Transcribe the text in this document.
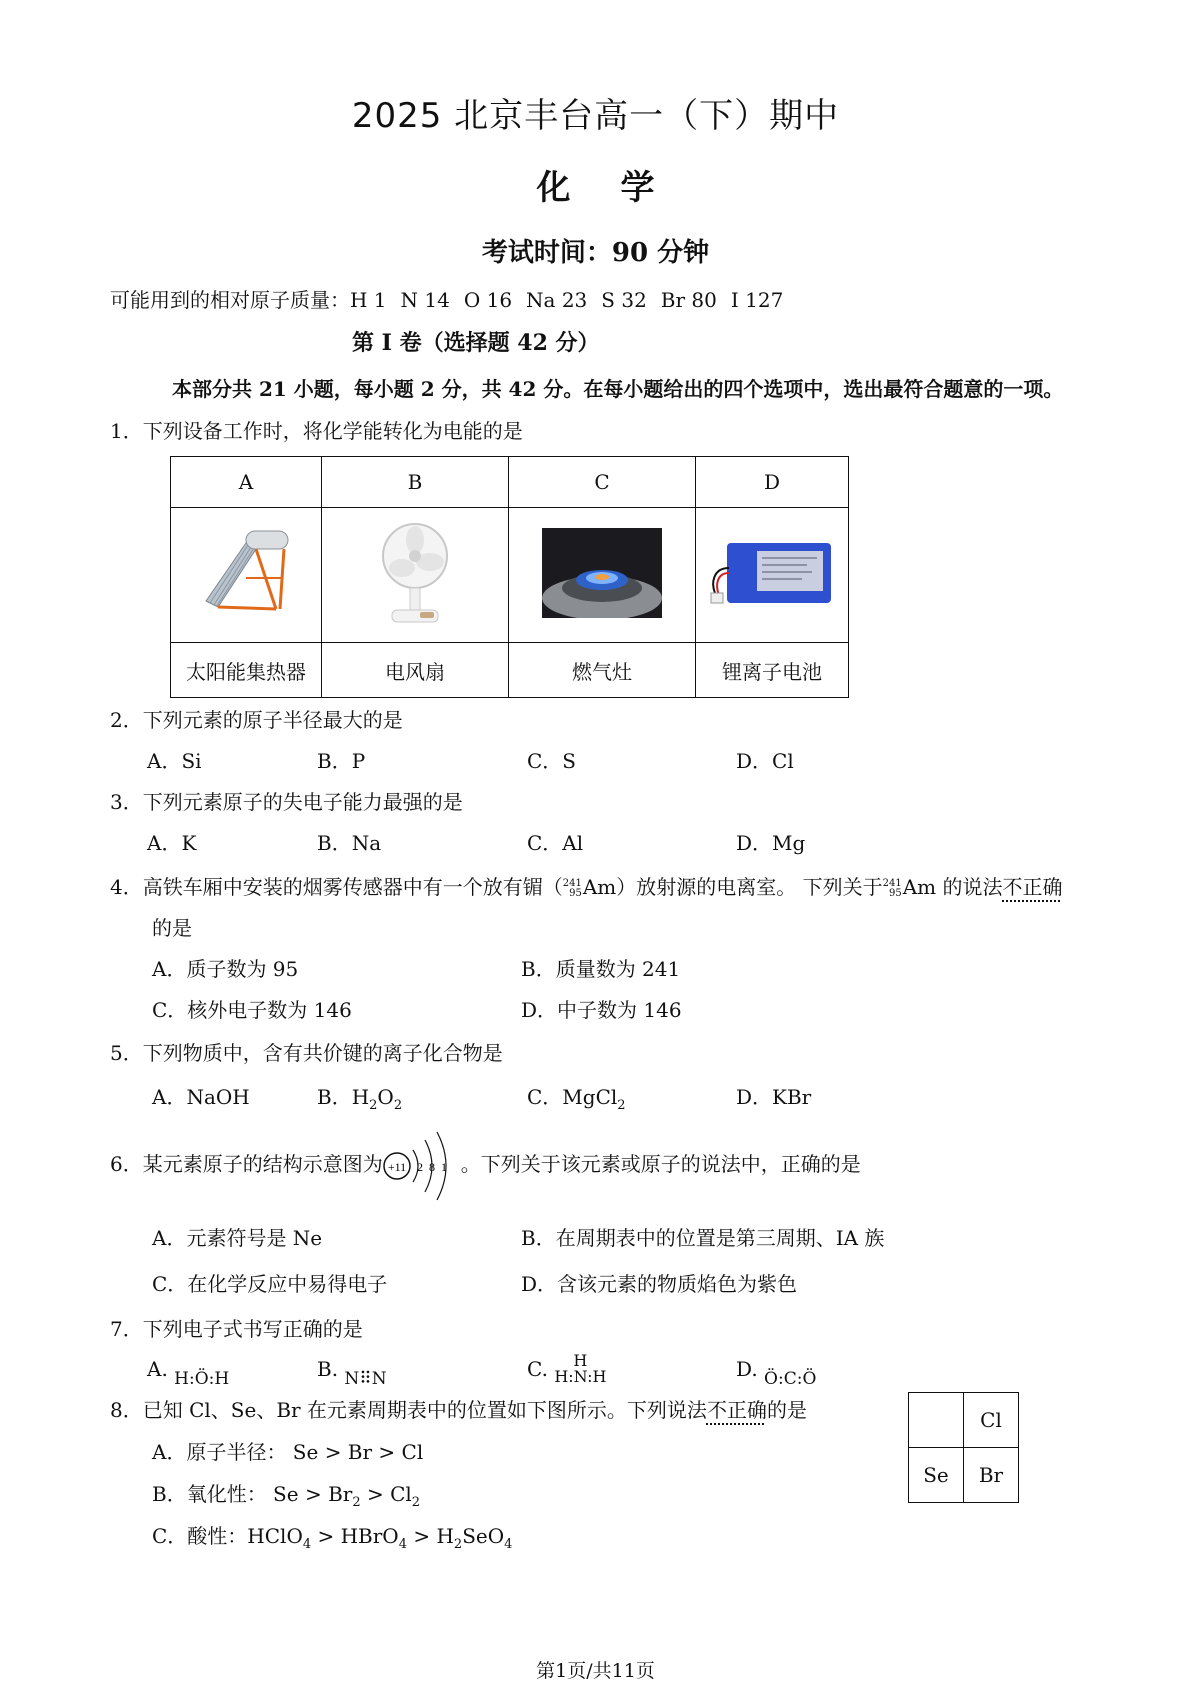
2025 北京丰台高一（下）期中
化学
考试时间：90 分钟
可能用到的相对原子质量：H 1 N 14 O 16 Na 23 S 32 Br 80 I 127
第 I 卷（选择题 42 分）
本部分共 21 小题，每小题 2 分，共 42 分。在每小题给出的四个选项中，选出最符合题意的一项。
1．下列设备工作时，将化学能转化为电能的是
A	B	C	D

太阳能集热器	电风扇	燃气灶	锂离子电池
2．下列元素的原子半径最大的是
A．Si	B．P	C．S	D．Cl
3．下列元素原子的失电子能力最强的是
A．K	B．Na	C．Al	D．Mg
4．高铁车厢中安装的烟雾传感器中有一个放有镅（241
95Am）放射源的电离室。 下列关于241
95Am 的说法不正确
的是
A．质子数为 95	B．质量数为 241
C．核外电子数为 146	D．中子数为 146
5．下列物质中，含有共价键的离子化合物是
A．NaOH	B．$H_2O_2$	C．MgCl$_2$	D．KBr
6．某元素原子的结构示意图为 +11 2 8 1 。下列关于该元素或原子的说法中，正确的是
A．元素符号是 Ne	B．在周期表中的位置是第三周期、IA 族
C．在化学反应中易得电子	D．含该元素的物质焰色为紫色
7．下列电子式书写正确的是
A. $_{H:Ö:H}$	B. $_{N⠿N}$	C. H
H:N:H	D. $_{Ö:C:Ö}$
8．已知 Cl、Se、Br 在元素周期表中的位置如下图所示。下列说法不正确的是
A．原子半径： Se > Br > Cl
B．氧化性： $Se > Br_2 > Cl_2$
C．酸性：HClO$_4$ > HBrO$_4$ > $H_2SeO_4$
	Cl
Se	Br
第1页/共11页
